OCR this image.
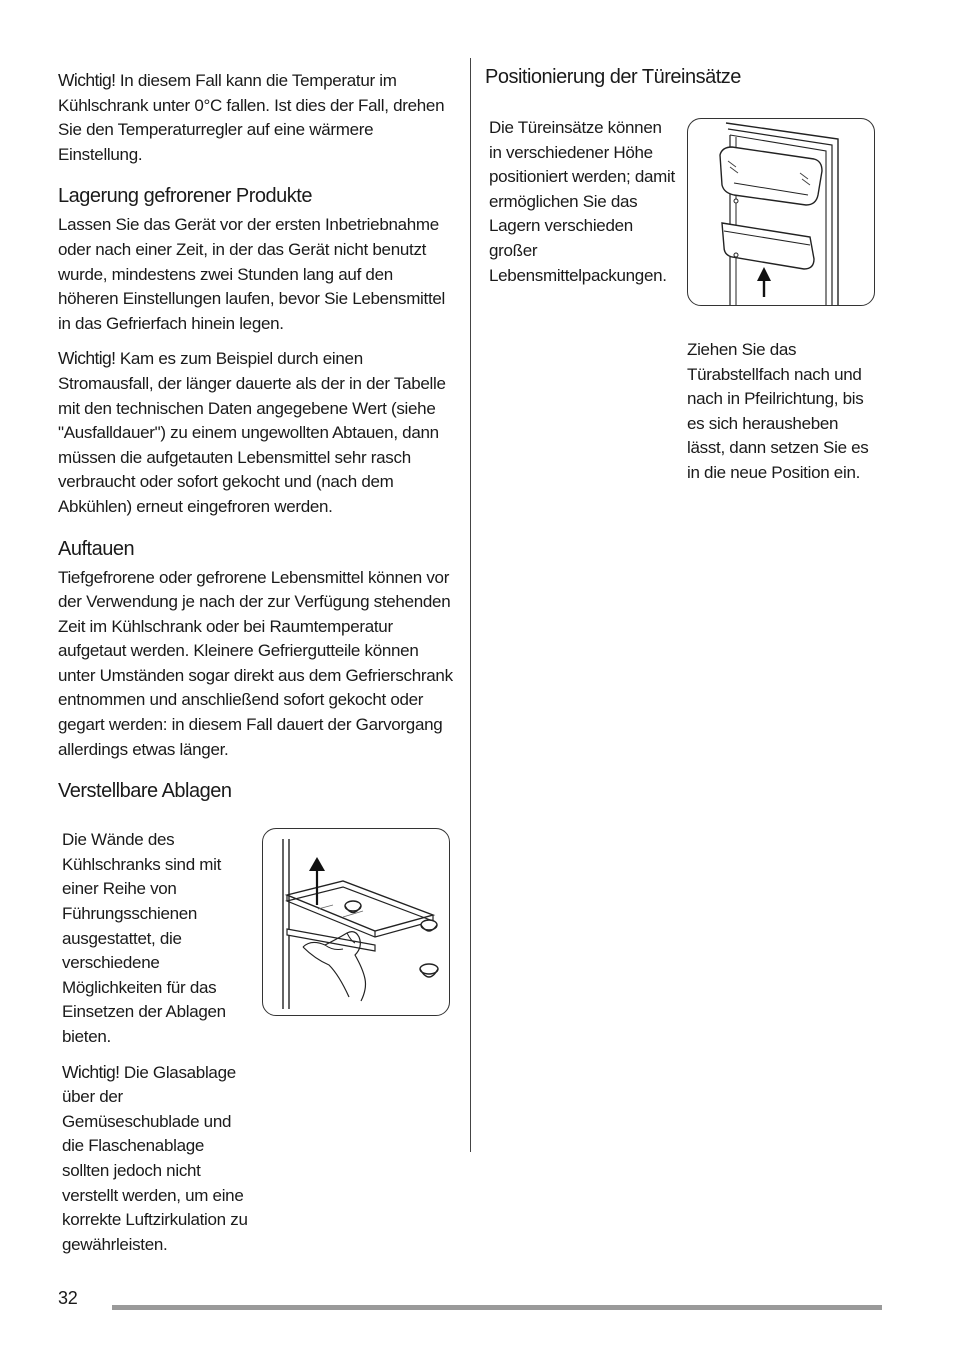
Wichtig! In diesem Fall kann die Temperatur im Kühlschrank unter 0°C fallen. Ist dies der Fall, drehen Sie den Temperaturregler auf eine wärmere Einstellung.

Lagerung gefrorener Produkte

Lassen Sie das Gerät vor der ersten Inbetriebnahme oder nach einer Zeit, in der das Gerät nicht benutzt wurde, mindestens zwei Stunden lang auf den höheren Einstellungen laufen, bevor Sie Lebensmittel in das Gefrierfach hinein legen.

Wichtig! Kam es zum Beispiel durch einen Stromausfall, der länger dauerte als der in der Tabelle mit den technischen Daten angegebene Wert (siehe "Ausfalldauer") zu einem ungewollten Abtauen, dann müssen die aufgetauten Lebensmittel sehr rasch verbraucht oder sofort gekocht und (nach dem Abkühlen) erneut eingefroren werden.

Auftauen

Tiefgefrorene oder gefrorene Lebensmittel können vor der Verwendung je nach der zur Verfügung stehenden Zeit im Kühlschrank oder bei Raumtemperatur aufgetaut werden. Kleinere Gefriergutteile können unter Umständen sogar direkt aus dem Gefrierschrank entnommen und anschließend sofort gekocht oder gegart werden: in diesem Fall dauert der Garvorgang allerdings etwas länger.

Verstellbare Ablagen

Die Wände des Kühlschranks sind mit einer Reihe von Führungsschienen ausgestattet, die verschiedene Möglichkeiten für das Einsetzen der Ablagen bieten.

Wichtig! Die Glasablage über der Gemüseschublade und die Flaschenablage sollten jedoch nicht verstellt werden, um eine korrekte Luftzirkulation zu gewährleisten.

Positionierung der Türeinsätze

Die Türeinsätze können in verschiedener Höhe positioniert werden; damit ermöglichen Sie das Lagern verschieden großer Lebensmittelpackungen.

Ziehen Sie das Türabstellfach nach und nach in Pfeilrichtung, bis es sich herausheben lässt, dann setzen Sie es in die neue Position ein.

32
